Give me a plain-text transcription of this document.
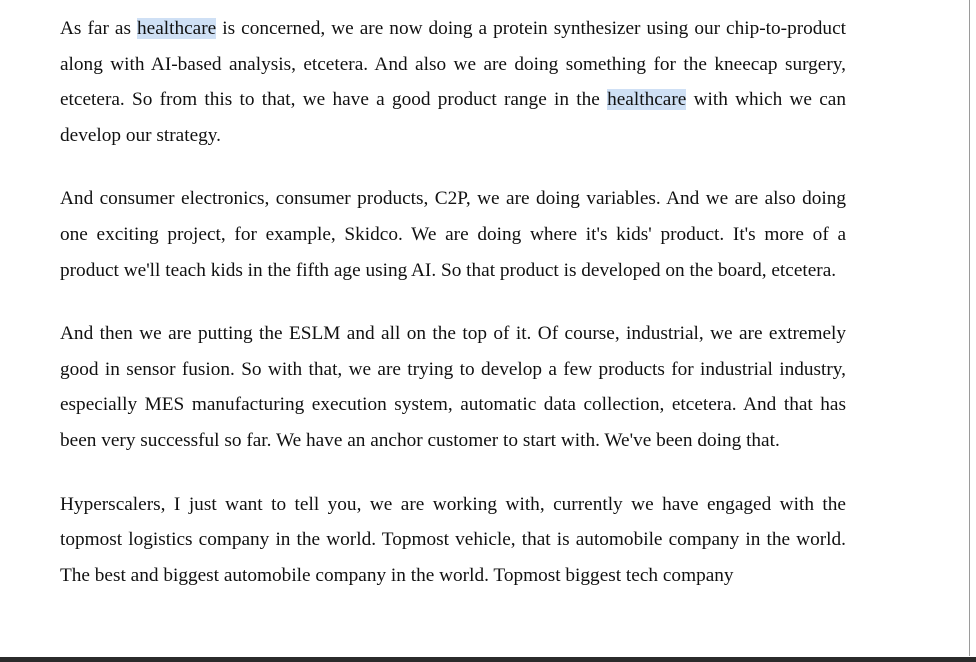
As far as healthcare is concerned, we are now doing a protein synthesizer using our chip-to-product along with AI-based analysis, etcetera. And also we are doing something for the kneecap surgery, etcetera. So from this to that, we have a good product range in the healthcare with which we can develop our strategy.

And consumer electronics, consumer products, C2P, we are doing variables. And we are also doing one exciting project, for example, Skidco. We are doing where it's kids' product. It's more of a product we'll teach kids in the fifth age using AI. So that product is developed on the board, etcetera.

And then we are putting the ESLM and all on the top of it. Of course, industrial, we are extremely good in sensor fusion. So with that, we are trying to develop a few products for industrial industry, especially MES manufacturing execution system, automatic data collection, etcetera. And that has been very successful so far. We have an anchor customer to start with. We've been doing that.

Hyperscalers, I just want to tell you, we are working with, currently we have engaged with the topmost logistics company in the world. Topmost vehicle, that is automobile company in the world. The best and biggest automobile company in the world. Topmost biggest tech company
